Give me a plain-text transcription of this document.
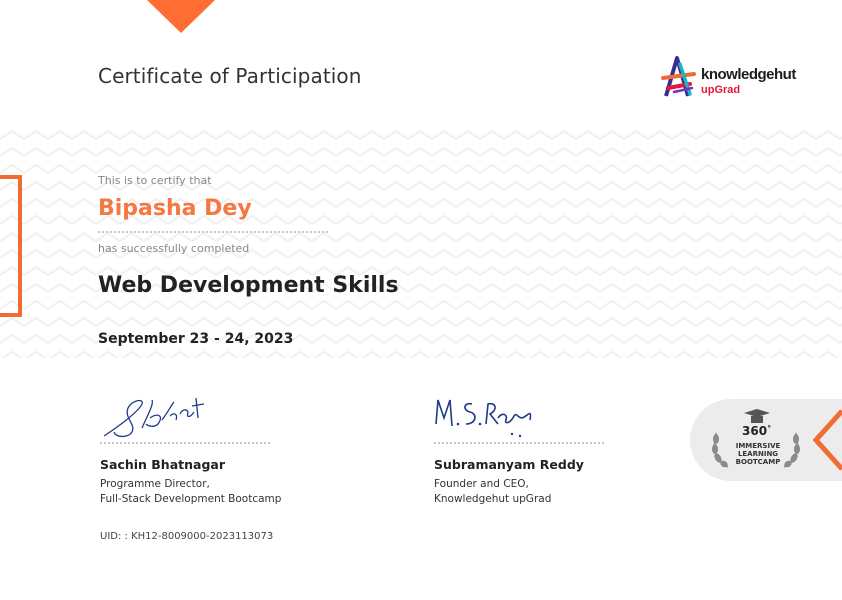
Certificate of Participation	knowledgehut
upGrad
This is to certify that
Bipasha Dey
has successfully completed
Web Development Skills
September 23 - 24, 2023
Sachin Bhatnagar
Programme Director,
Full-Stack Development Bootcamp
Subramanyam Reddy
Founder and CEO,
Knowledgehut upGrad
UID: : KH12-8009000-2023113073
360°
IMMERSIVE
LEARNING
BOOTCAMP
